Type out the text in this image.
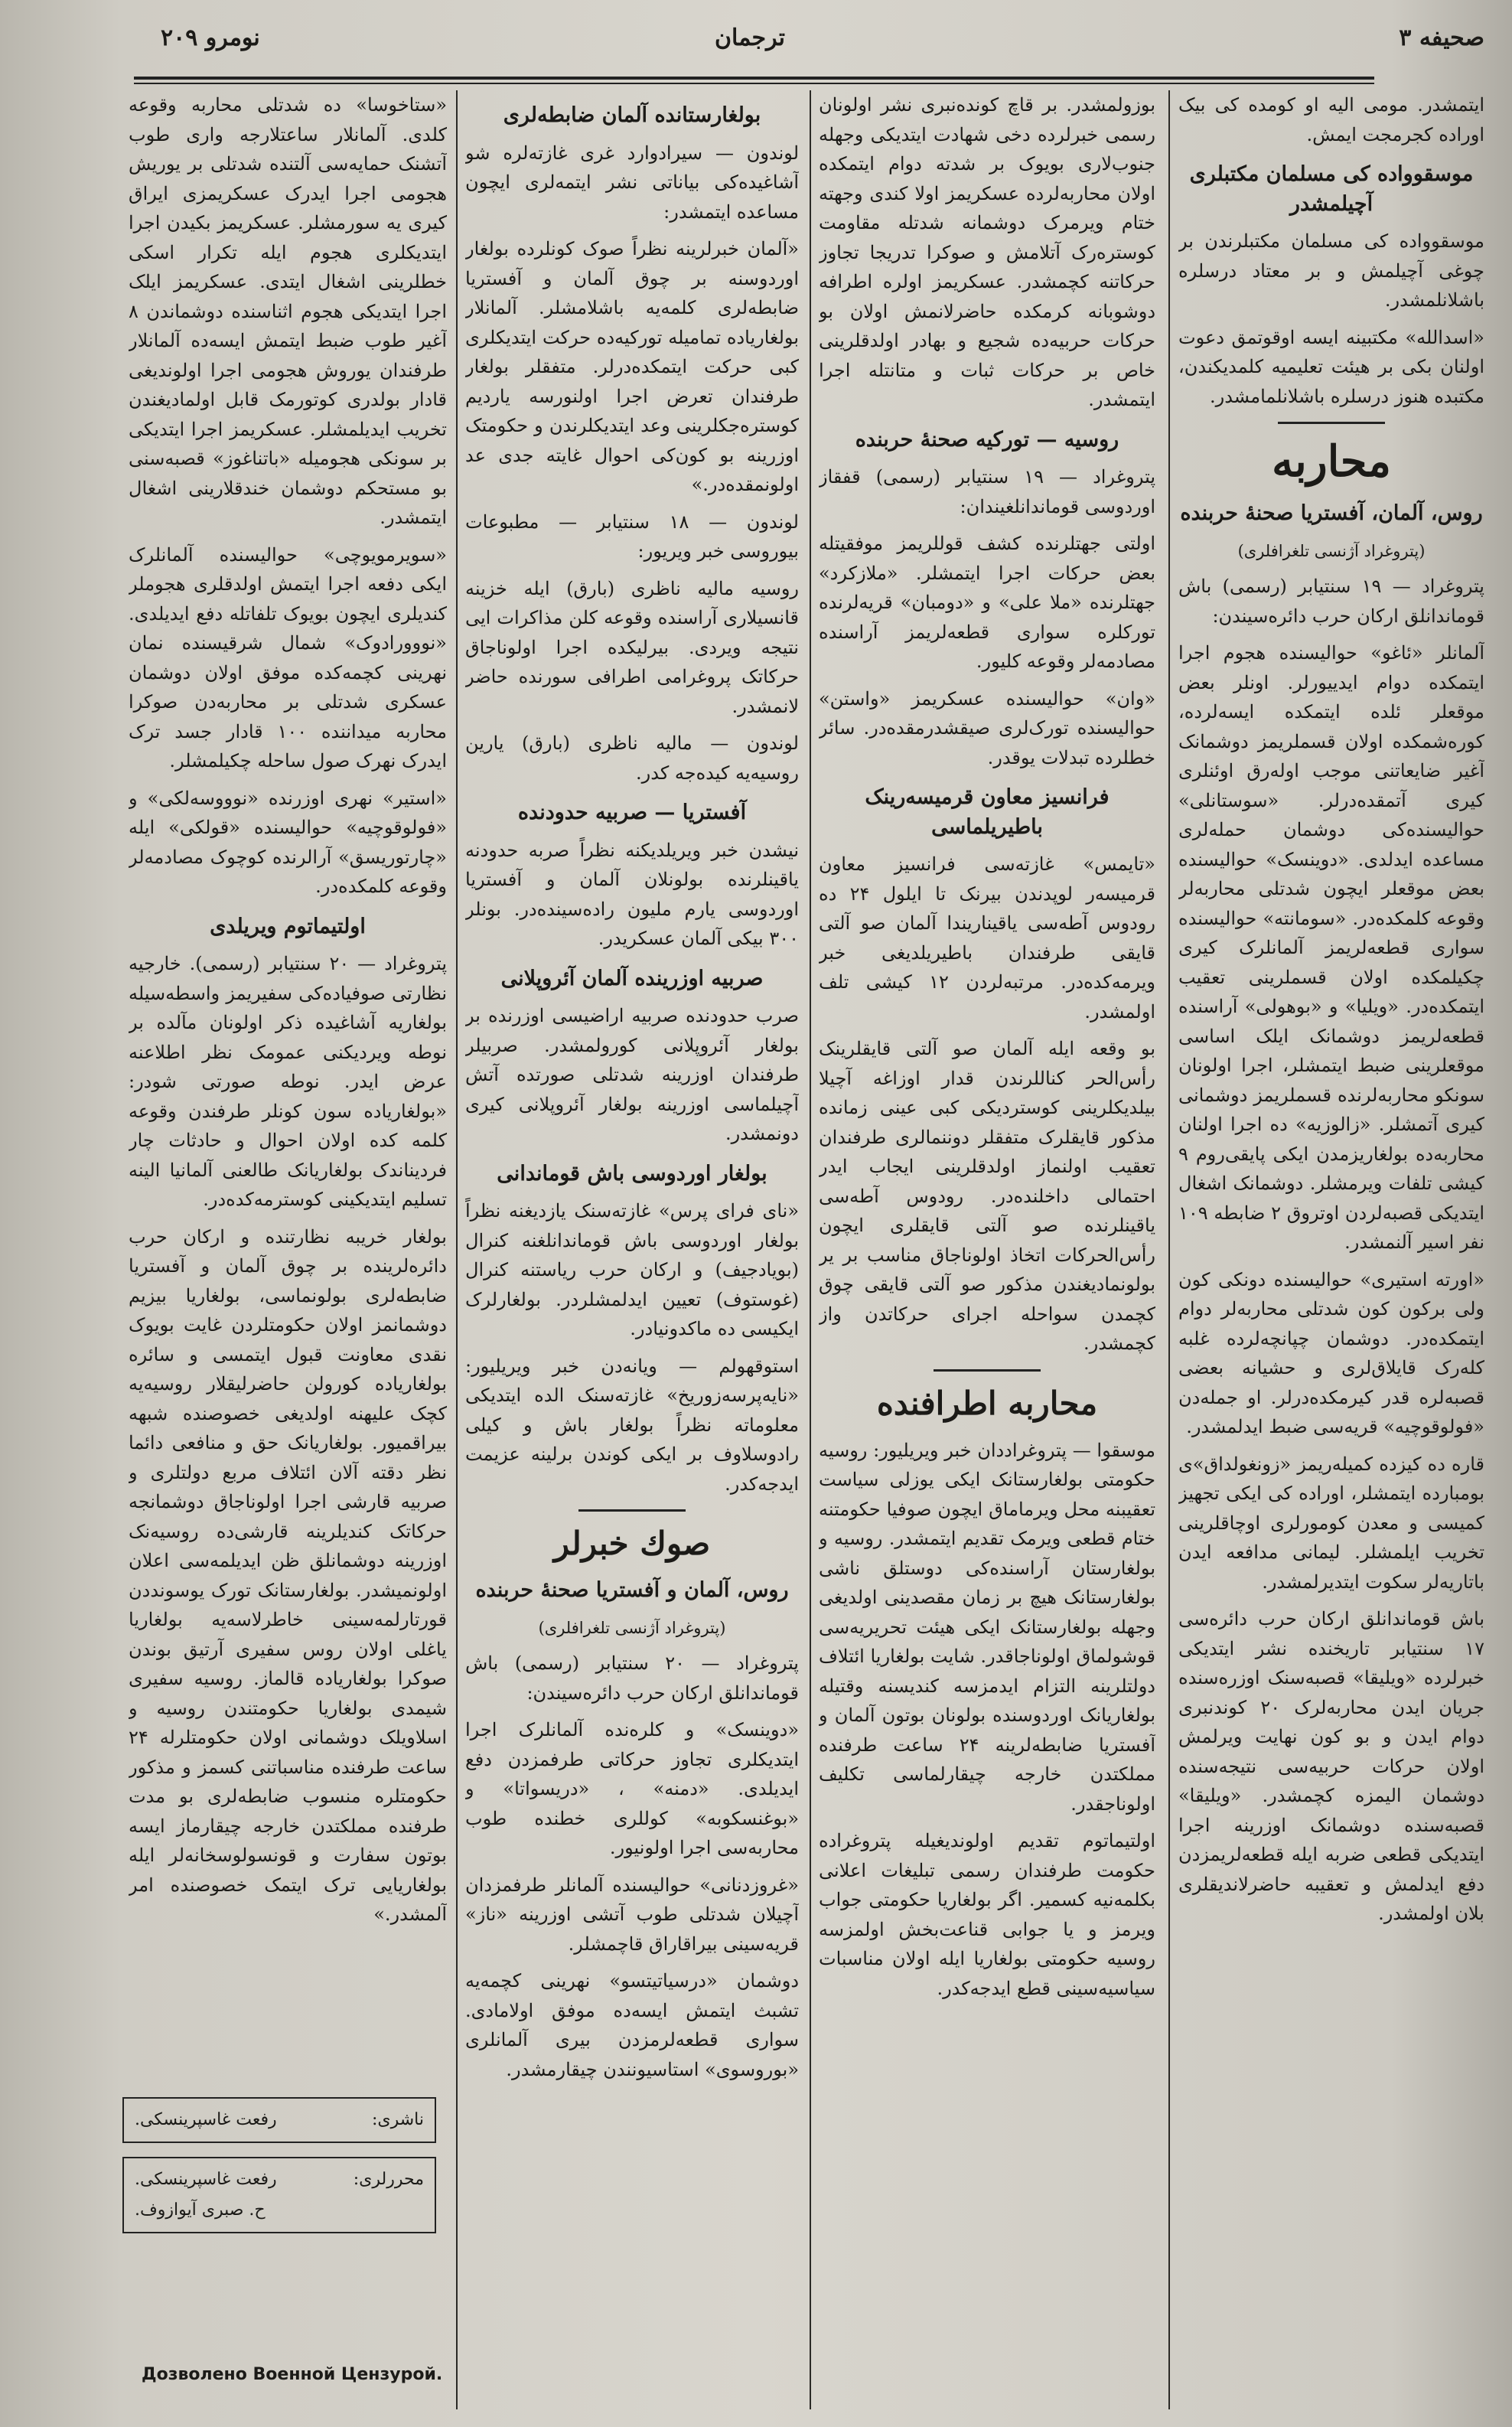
صحیفه ۳
ترجمان
نومرو ۲۰۹

ایتمشدر. مومی الیه او کومده کی بیک اوراده کجرمجت ایمش.

موسقوواده کی مسلمان مکتبلری آچیلمشدر

موسقوواده کی مسلمان مکتبلرندن بر چوغی آچیلمش و بر معتاد درسلره باشلانلمشدر.

«اسدالله» مکتبینه ایسه اوقوتمق دعوت اولنان بکی بر هیئت تعلیمیه کلمدیکندن، مکتبده هنوز درسلره باشلانلمامشدر.

محاربه
روس، آلمان، آفستریا صحنهٔ حربنده
(پتروغراد آژنسی تلغرافلری)

پتروغراد — ۱۹ سنتیابر (رسمی) باش قوماندانلق ارکان حرب دائره‌سیندن:

آلمانلر «ئاغو» حوالیسنده هجوم اجرا ایتمکده دوام ایدییورلر. اونلر بعض موقعلر ئلده ایتمکده ایسه‌لرده، کوره‌شمکده اولان قسملریمز دوشمانک آغیر ضایعاتنی موجب اوله‌رق اوئنلری کیری آتمقده‌درلر. «سوستانلی» حوالیسنده‌کی دوشمان حمله‌لری مساعده ایدلدی. «دوینسک» حوالیسنده بعض موقعلر ایچون شدتلی محاربه‌لر وقوعه کلمکده‌در. «سومانته» حوالیسنده سواری قطعه‌لریمز آلمانلرک کیری چکیلمکده اولان قسملرینی تعقیب ایتمکده‌در. «ویلیا» و «بوهولی» آراسنده قطعه‌لریمز دوشمانک ایلک اساسی موقعلرینی ضبط ایتمشلر، اجرا اولونان سونکو محاربه‌لرنده قسملریمز دوشمانی کیری آتمشلر. «زالوزیه» ده اجرا اولنان محاربه‌ده بولغاریزمدن ایکی پایقی‌روم ۹ کیشی تلفات ویرمشلر. دوشمانک اشغال ایتدیکی قصبه‌لر‌دن اوتروق ۲ ضابطه ۱۰۹ نفر اسیر آلنمشدر.

«اورته استیری» حوالیسنده دونکی کون ولی برکون کون شدتلی محاربه‌لر دوام ایتمکده‌در. دوشمان چپانچه‌لرده غلبه کله‌رک قایلاق‌لری و حشیانه بعضی قصبه‌لره قدر کیرمکده‌درلر. او جمله‌دن «فولوقوچیه» قریه‌سی ضبط ایدلمشدر.

قاره ده کیزده کمیله‌ریمز «زونغولداق»ی بومبارده ایتمشلر، اوراده کی ایکی تجهیز کمیسی و معدن کومورلری اوچاقلرینی تخریب ایلمشلر. لیمانی مدافعه ایدن باتاریه‌لر سکوت ایتدیرلمشدر.

باش قوماندانلق ارکان حرب دائره‌سی ۱۷ سنتیابر تاریخنده نشر ایتدیکی خبرلرده «ویلیقا» قصبه‌سنک اوزره‌سنده جریان ایدن محاربه‌لرک ۲۰ کوندنبری دوام ایدن و بو کون نهایت ویرلمش اولان حرکات حربیه‌سی نتیجه‌سنده دوشمان الیمزه کچمشدر. «ویلیقا» قصبه‌سنده دوشمانک اوزرینه اجرا ایتدیکی قطعی ضربه ایله قطعه‌لریمزدن دفع ایدلمش و تعقیبه حاضرلاندیقلری بلان اولمشدر.

بوزولمشدر. بر قاچ کونده‌نبری نشر اولونان رسمی خبرلرده دخی شهادت ایتدیکی وجهله جنوب‌لاری بویوک بر شدته دوام ایتمکده اولان محاربه‌لرده عسکریمز اولا کندی وجهته ختام ویرمرک دوشمانه شدتله مقاومت کوستره‌رک آتلامش و صوکرا تدریجا تجاوز حرکاتنه کچمشدر. عسکریمز اولره اطرافه دوشوبانه کرمکده حاضرلانمش اولان بو حرکات حربیه‌ده شجیع و بهادر اولدقلرینی خاص بر حرکات ثبات و متانتله اجرا ایتمشدر.

روسیه — تورکیه صحنهٔ حربنده

پتروغراد — ۱۹ سنتیابر (رسمی) قفقاز اوردوسی قوماندانلغیندان:

اولتی جهتلرنده کشف قوللریمز موفقیتله بعض حرکات اجرا ایتمشلر. «ملازکرد» جهتلرنده «ملا علی» و «دومبان» قریه‌لرنده تورکلره سواری قطعه‌لریمز آراسنده مصادمه‌لر وقوعه کلیور.

«وان» حوالیسنده عسکریمز «واستن» حوالیسنده تورک‌لری صیقشدرمقده‌در. سائر خطلرده تبدلات یوقدر.

فرانسیز معاون قرمیسه‌رینک باطیریلماسی

«تایمس» غازته‌سی فرانسیز معاون قرمیسه‌ر لوپدندن بیرنک تا ایلول ۲۴ ده رودوس آطه‌سی یاقیناریندا آلمان صو آلتی قایقی طرفندان باطیریلدیغی خبر ویرمه‌کده‌در. مرتبه‌لردن ۱۲ کیشی تلف اولمشدر.

بو وقعه ایله آلمان صو آلتی قایقلرینک رأس‌الحر کناللرندن قدار اوزاغه آچیلا بیلدیکلرینی کوستردیکی کبی عینی زمانده مذکور قایقلرک متفقلر دوننمالری طرفندان تعقیب اولنماز اولدقلرینی ایجاب ایدر احتمالی داخلنده‌در. رودوس آطه‌سی یاقینلرنده صو آلتی قایقلری ایچون رأس‌الحرکات اتخاذ اولوناجاق مناسب بر یر بولونمادیغندن مذکور صو آلتی قایقی چوق کچمدن سواحله اجرای حرکاتدن واز کچمشدر.

محاربه اطرافنده

موسقوا — پتروغراددان خبر ویریلیور: روسیه حکومتی بولغارستانک ایکی یوزلی سیاست تعقیبنه محل ویرماماق ایچون صوفیا حکومتنه ختام قطعی ویرمک تقدیم ایتمشدر. روسیه و بولغارستان آراسنده‌کی دوستلق ناشی بولغارستانک هیچ بر زمان مقصدینی اولدیغی وجهله بولغارستانک ایکی هیئت تحریریه‌سی قوشولماق اولوناجاقدر. شایت بولغاریا ائتلاف دولتلرینه التزام ایدمزسه کندیسنه وقتیله بولغاریانک اوردوسنده بولونان بوتون آلمان و آفستریا ضابطه‌لرینه ۲۴ ساعت طرفنده مملکتدن خارجه چیقارلماسی تکلیف اولوناجقدر.

اولتیماتوم تقدیم اولوندیغیله پتروغراده حکومت طرفندان رسمی تبلیغات اعلانی بکلمه‌نیه کسمیر. اگر بولغاریا حکومتی جواب ویرمز و یا جوابی قناعت‌بخش اولمزسه روسیه حکومتی بولغاریا ایله اولان مناسبات سیاسیه‌سینی قطع ایدجه‌کدر.

بولغارستانده آلمان ضابطه‌لری

لوندون — سیرادوارد غری غازته‌لره شو آشاغیده‌کی بیاناتی نشر ایتمه‌لری ایچون مساعده ایتمشدر:

«آلمان خبرلرینه نظراً صوک کونلرده بولغار اوردوسنه بر چوق آلمان و آفستریا ضابطه‌لری کلمه‌یه باشلامشلر. آلمانلار بولغاریاده تمامیله تورکیه‌ده حرکت ایتدیکلری کبی حرکت ایتمکده‌درلر. متفقلر بولغار طرفندان تعرض اجرا اولنورسه یاردیم کوستره‌جکلرینی وعد ایتدیکلرندن و حکومتک اوزرینه بو کون‌کی احوال غایته جدی عد اولونمقده‌در.»

لوندون — ۱۸ سنتیابر — مطبوعات بیوروسی خبر ویریور:

روسیه مالیه ناظری (بارق) ایله خزینه قانسیلاری آراسنده وقوعه کلن مذاکرات ایی نتیجه ویردی. بیرلیکده اجرا اولوناجاق حرکاتک پروغرامی اطرافی سورنده حاضر لانمشدر.

لوندون — مالیه ناظری (بارق) یارین روسیه‌یه کیده‌جه کدر.

آفستریا — صربیه حدودنده

نیشدن خبر ویریلدیکنه نظراً صربه حدودنه یاقینلرنده بولونلان آلمان و آفستریا اوردوسی یارم ملیون راده‌سینده‌در. بونلر ۳۰۰ بیکی آلمان عسکریدر.

صربیه اوزرینده آلمان آئروپلانی

صرب حدودنده صربیه اراضیسی اوزرنده بر بولغار آئروپلانی کورولمشدر. صربیلر طرفندان اوزرینه شدتلی صورتده آتش آچیلماسی اوزرینه بولغار آئروپلانی کیری دونمشدر.

بولغار اوردوسی باش قوماندانی

«نای فرای پرس» غازته‌سنک یازدیغنه نظراً بولغار اوردوسی باش قوماندانلغنه کنرال (بویادجیف) و ارکان حرب ریاستنه کنرال (غوستوف) تعیین ایدلمشلردر. بولغارلرک ایکیسی ده ماکدونیادر.

استوقهولم — ویانه‌دن خبر ویریلیور: «نایه‌پرسه‌زوریخ» غازته‌سنک الده ایتدیکی معلوماته نظراً بولغار باش و کیلی رادوسلاوف بر ایکی کوندن برلینه عزیمت ایدجه‌کدر.

صوك خبرلر
روس، آلمان و آفستریا صحنهٔ حربنده
(پتروغراد آژنسی تلغرافلری)

پتروغراد — ۲۰ سنتیابر (رسمی) باش قوماندانلق ارکان حرب دائره‌سیندن:

«دوینسک» و کلره‌نده آلمانلرک اجرا ایتدیکلری تجاوز حرکاتی طرفمزدن دفع ایدیلدی. «دمنه» ، «دریسواتا» و «بوغنسکوبه» کوللری خطنده طوب محاربه‌سی اجرا اولونیور.

«غروزدنانی» حوالیسنده آلمانلر طرفمزدان آچیلان شدتلی طوب آتشی اوزرینه «ناز» قریه‌سینی بیراقاراق قاچمشلر.

دوشمان «درسیاتیتسو» نهرینی کچمه‌یه تشبث ایتمش ایسه‌ده موفق اولامادی. سواری قطعه‌لرمزدن بیری آلمانلری «بوروسوی» استاسیونندن چیقارمشدر.

«ستاخوسا» ده شدتلی محاربه وقوعه کلدی. آلمانلار ساعتلارجه واری طوب آتشنک حمایه‌سی آلتنده شدتلی بر یوریش هجومی اجرا ایدرک عسکریمزی ایراق کیری یه سورمشلر. عسکریمز بکیدن اجرا ایتدیکلری هجوم ایله تکرار اسکی خطلرینی اشغال ایتدی. عسکریمز ایلک اجرا ایتدیکی هجوم اثناسنده دوشماندن ۸ آغیر طوب ضبط ایتمش ایسه‌ده آلمانلار طرفندان یوروش هجومی اجرا اولوندیغی قادار بولدری کوتورمک قابل اولمادیغندن تخریب ایدیلمشلر. عسکریمز اجرا ایتدیکی بر سونکی هجومیله «باتناغوز» قصبه‌سنی بو مستحکم دوشمان خندقلارینی اشغال ایتمشدر.

«سویرمویوچی» حوالیسنده آلمانلرک ایکی دفعه اجرا ایتمش اولدقلری هجوملر کندیلری ایچون بویوک تلفاتله دفع ایدیلدی. «نووورادوک» شمال شرقیسنده نمان نهرینی کچمه‌کده موفق اولان دوشمان عسکری شدتلی بر محاربه‌دن صوکرا محاربه میداننده ۱۰۰ قادار جسد ترک ایدرک نهرک صول ساحله چکیلمشلر.

«استیر» نهری اوزرنده «نوووسه‌لکی» و «فولوقوچیه» حوالیسنده «قولکی» ایله «چارتوریسق» آرالرنده کوچوک مصادمه‌لر وقوعه کلمکده‌در.

اولتیماتوم ویریلدی

پتروغراد — ۲۰ سنتیابر (رسمی). خارجیه نظارتی صوفیاده‌کی سفیریمز واسطه‌سیله بولغاریه آشاغیده ذکر اولونان مآلده بر نوطه ویردیکنی عمومک نظر اطلاعنه عرض ایدر. نوطه صورتی شودر: «بولغاریاده سون کونلر طرفندن وقوعه کلمه کده اولان احوال و حادثات چار فردیناندک بولغاریانک طالعنی آلمانیا الینه تسلیم ایتدیکینی کوسترمه‌کده‌در.

بولغار خریبه نظارتنده و ارکان حرب دائره‌لرینده بر چوق آلمان و آفستریا ضابطه‌لری بولونماسی، بولغاریا بیزیم دوشمانمز اولان حکومتلردن غایت بویوک نقدی معاونت قبول ایتمسی و سائره بولغاریاده کورولن حاضرلیقلار روسیه‌یه کچک علیهنه اولدیغی خصوصنده شبهه بیراقمیور. بولغاریانک حق و منافعی دائما نظر دقته آلان ائتلاف مربع دولتلری و صربیه قارشی اجرا اولوناجاق دوشمانجه حرکاتک کندیلرینه قارشی‌ده روسیه‌نک اوزرینه دوشمانلق ظن ایدیلمه‌سی اعلان اولونمیشدر. بولغارستانک تورک یوسونددن قورتارلمه‌سینی خاطرلاسه‌یه بولغاریا یاغلی اولان روس سفیری آرتیق بوندن صوکرا بولغاریاده قالماز. روسیه سفیری شیمدی بولغاریا حکومتندن روسیه و اسلاویلک دوشمانی اولان حکومتلرله ۲۴ ساعت طرفنده مناسباتنی کسمز و مذکور حکومتلره منسوب ضابطه‌لری بو مدت طرفنده مملکتدن خارجه چیقارماز ایسه بوتون سفارت و قونسولوسخانه‌لر ایله بولغاریایی ترک ایتمک خصوصنده امر آلمشدر.»

ناشری:
رفعت غاسپرینسکی.
محررلری:
رفعت غاسپرینسکی.
ح. صبری آیوازوف.
Дозволено Военной Цензурой.
